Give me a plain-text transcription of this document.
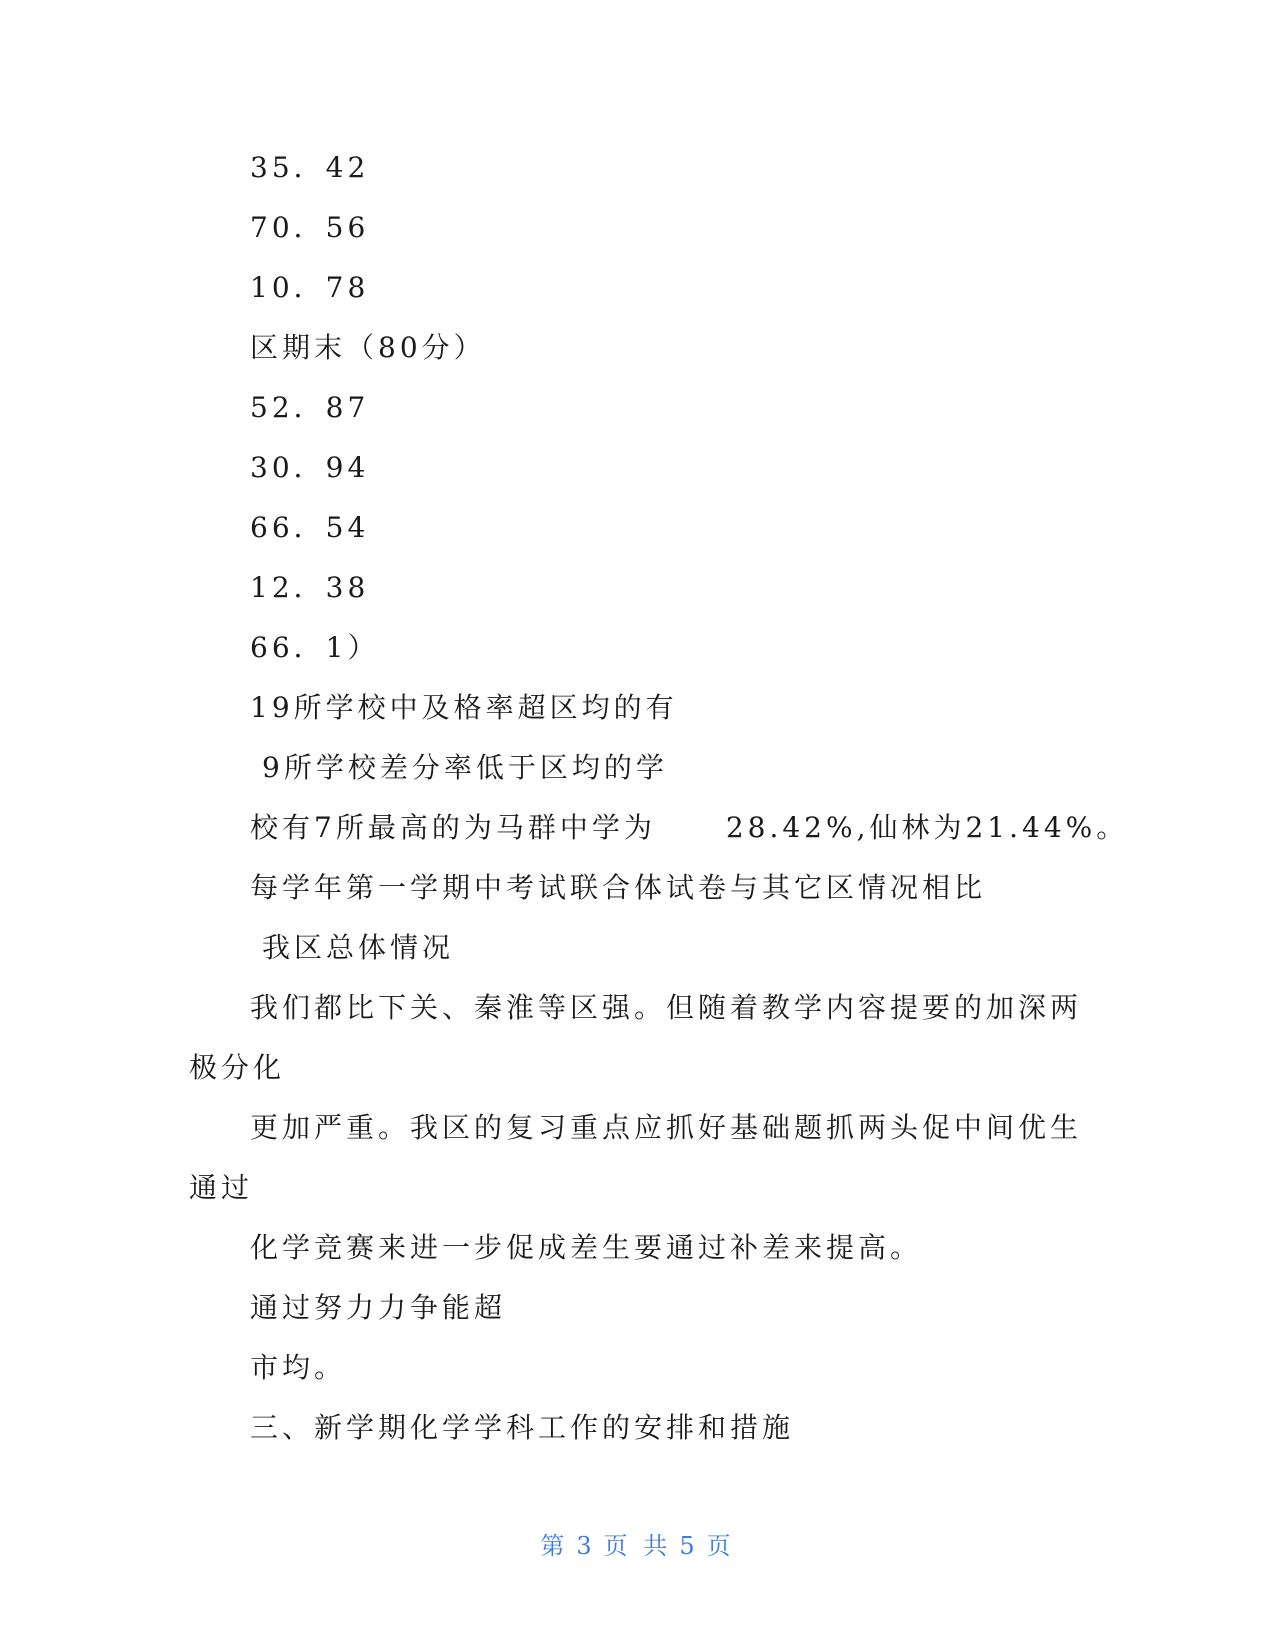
35．42
70．56
10．78
区期末（80分）
52．87
30．94
66．54
12．38
66．1）
19所学校中及格率超区均的有
9所学校差分率低于区均的学
校有7所最高的为马群中学为	28.42%,仙林为21.44%。
每学年第一学期中考试联合体试卷与其它区情况相比
我区总体情况
我们都比下关、秦淮等区强。但随着教学内容提要的加深两
极分化
更加严重。我区的复习重点应抓好基础题抓两头促中间优生
通过
化学竞赛来进一步促成差生要通过补差来提高。
通过努力力争能超
市均。
三、新学期化学学科工作的安排和措施
第 3 页 共 5 页
